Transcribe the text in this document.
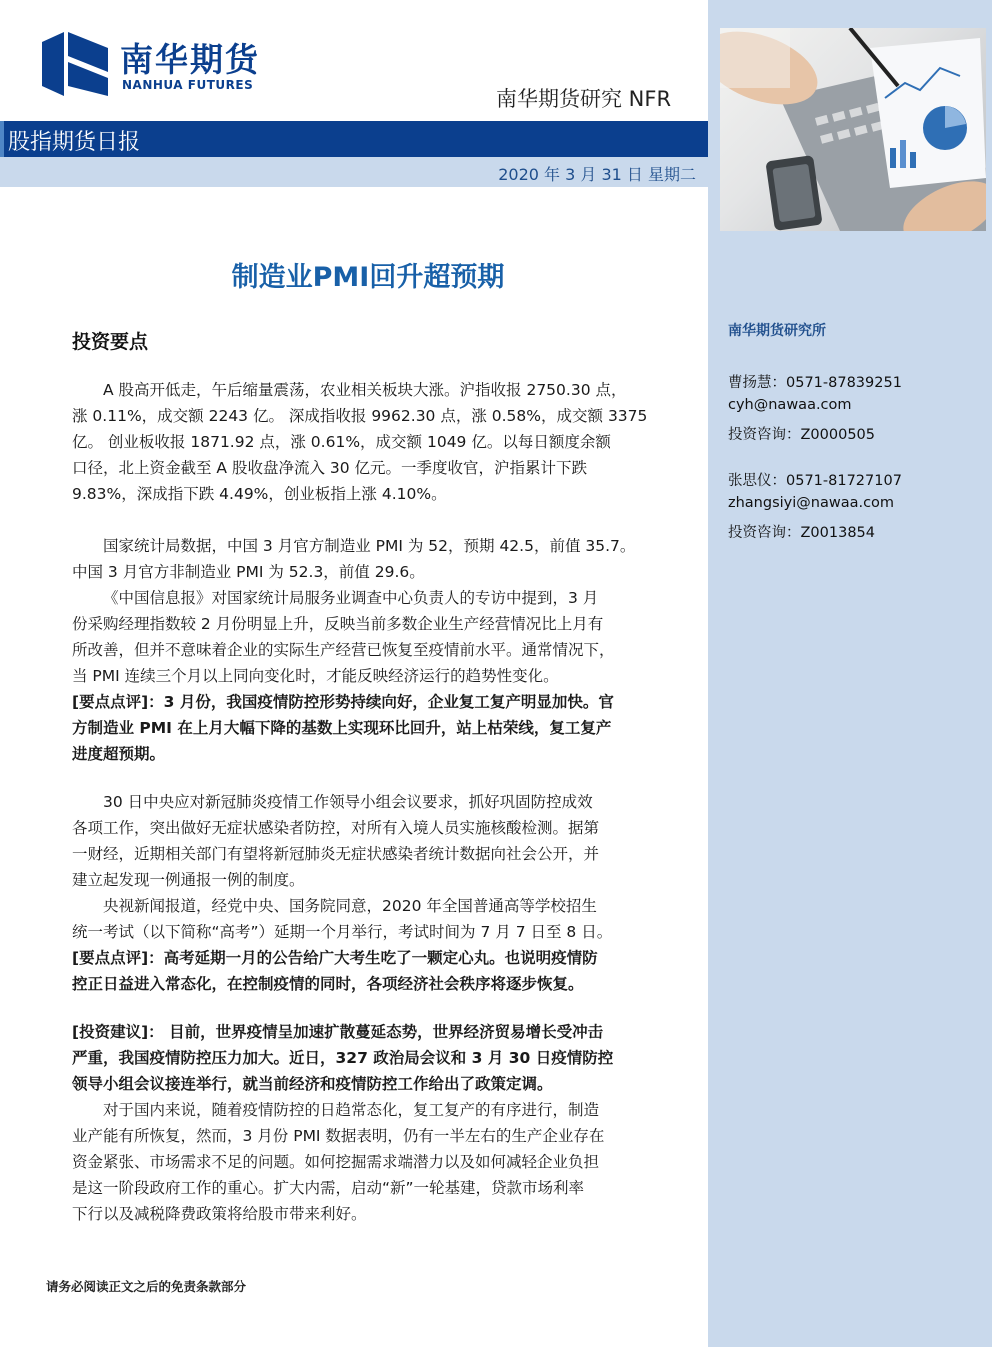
南华期货
NANHUA FUTURES
南华期货研究 NFR
股指期货日报
2020 年 3 月 31 日 星期二
制造业PMI回升超预期
投资要点
A 股高开低走，午后缩量震荡，农业相关板块大涨。沪指收报 2750.30 点，
涨 0.11%，成交额 2243 亿。 深成指收报 9962.30 点，涨 0.58%，成交额 3375
亿。 创业板收报 1871.92 点，涨 0.61%，成交额 1049 亿。以每日额度余额
口径，北上资金截至 A 股收盘净流入 30 亿元。一季度收官，沪指累计下跌
9.83%，深成指下跌 4.49%，创业板指上涨 4.10%。
国家统计局数据，中国 3 月官方制造业 PMI 为 52，预期 42.5，前值 35.7。
中国 3 月官方非制造业 PMI 为 52.3，前值 29.6。
《中国信息报》对国家统计局服务业调查中心负责人的专访中提到，3 月
份采购经理指数较 2 月份明显上升，反映当前多数企业生产经营情况比上月有
所改善，但并不意味着企业的实际生产经营已恢复至疫情前水平。通常情况下，
当 PMI 连续三个月以上同向变化时，才能反映经济运行的趋势性变化。
[要点点评]：3 月份，我国疫情防控形势持续向好，企业复工复产明显加快。官
方制造业 PMI 在上月大幅下降的基数上实现环比回升，站上枯荣线，复工复产
进度超预期。
30 日中央应对新冠肺炎疫情工作领导小组会议要求，抓好巩固防控成效
各项工作，突出做好无症状感染者防控，对所有入境人员实施核酸检测。据第
一财经，近期相关部门有望将新冠肺炎无症状感染者统计数据向社会公开，并
建立起发现一例通报一例的制度。
央视新闻报道，经党中央、国务院同意，2020 年全国普通高等学校招生
统一考试（以下简称“高考”）延期一个月举行，考试时间为 7 月 7 日至 8 日。
[要点点评]：高考延期一月的公告给广大考生吃了一颗定心丸。也说明疫情防
控正日益进入常态化，在控制疫情的同时，各项经济社会秩序将逐步恢复。
[投资建议]： 目前，世界疫情呈加速扩散蔓延态势，世界经济贸易增长受冲击
严重，我国疫情防控压力加大。近日，327 政治局会议和 3 月 30 日疫情防控
领导小组会议接连举行，就当前经济和疫情防控工作给出了政策定调。
对于国内来说，随着疫情防控的日趋常态化，复工复产的有序进行，制造
业产能有所恢复，然而，3 月份 PMI 数据表明，仍有一半左右的生产企业存在
资金紧张、市场需求不足的问题。如何挖掘需求端潜力以及如何减轻企业负担
是这一阶段政府工作的重心。扩大内需，启动“新”一轮基建，贷款市场利率
下行以及减税降费政策将给股市带来利好。
请务必阅读正文之后的免责条款部分
南华期货研究所
曹扬慧：0571-87839251
cyh@nawaa.com
投资咨询：Z0000505
张思仪：0571-81727107
zhangsiyi@nawaa.com
投资咨询：Z0013854
